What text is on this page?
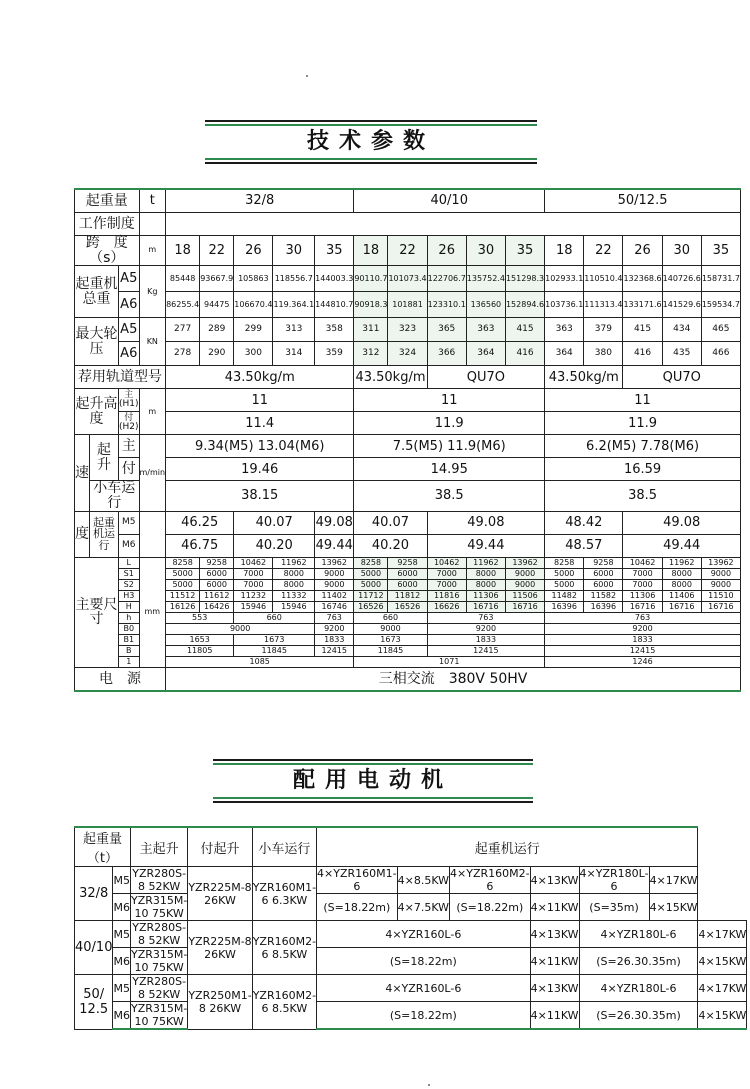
技术参数
起重量			t	32/8					40/10					50/12.5				
工作制度																		
跨　度（s）			m	18	22	26	30	35	18	22	26	30	35	18	22	26	30	35
起重机总重		A5	Kg	85448	93667.9	105863	118556.7	144003.3	90110.7	101073.4	122706.7	135752.4	151298.3	102933.1	110510.4	132368.6	140726.6	158731.7
		A6		86255.4	94475	106670.4	119.364.1	144810.7	90918.3	101881	123310.1	136560	152894.6	103736.1	111313.4	133171.6	141529.6	159534.7
最大轮压		A5	KN	277	289	299	313	358	311	323	365	363	415	363	379	415	434	465
		A6		278	290	300	314	359	312	324	366	364	416	364	380	416	435	466
荐用轨道型号				43.50kg/m					43.50kg/m		QU7O			43.50kg/m		QU7O		
起升高度		主(H1)	m	11					11					11				
		付(H2)		11.4					11.9					11.9				
速	起　升	主	m/min	9.34(M5) 13.04(M6)					7.5(M5) 11.9(M6)					6.2(M5) 7.78(M6)				
		付		19.46					14.95					16.59				
	小车运行			38.15					38.5					38.5				
度	起重机运行	M5		46.25		40.07		49.08	40.07		49.08			48.42		49.08		
		M6		46.75		40.20		49.44	40.20		49.44			48.57		49.44		
主要尺寸		L	mm	8258	9258	10462	11962	13962	8258	9258	10462	11962	13962	8258	9258	10462	11962	13962
		S1		5000	6000	7000	8000	9000	5000	6000	7000	8000	9000	5000	6000	7000	8000	9000
		S2		5000	6000	7000	8000	9000	5000	6000	7000	8000	9000	5000	6000	7000	8000	9000
		H3		11512	11612	11232	11332	11402	11712	11812	11816	11306	11506	11482	11582	11306	11406	11510
		H		16126	16426	15946	15946	16746	16526	16526	16626	16716	16716	16396	16396	16716	16716	16716
		h		553		660		763	660		763			763				
		B0		9000				9200	9000		9200			9200				
		B1		1653		1673		1833	1673		1833			1833				
		B		11805		11845		12415	11845		12415			12415				
		1		1085					1071					1246				
电　源				三相交流　380V 50HV														
配用电动机
起重量（t）		主起升	付起升	小车运行	起重机运行						
32/8	M5	YZR280S-8 52KW	YZR225M-8 26KW	YZR160M1-6 6.3KW	4×YZR160M1-6	4×8.5KW	4×YZR160M2-6	4×13KW	4×YZR180L-6	4×17KW	
	M6	YZR315M-10 75KW			(S=18.22m)	4×7.5KW	(S=18.22m)	4×11KW	(S=35m)	4×15KW	
40/10	M5	YZR280S-8 52KW	YZR225M-8 26KW	YZR160M2-6 8.5KW	4×YZR160L-6			4×13KW	4×YZR180L-6		4×17KW
	M6	YZR315M-10 75KW			(S=18.22m)			4×11KW	(S=26.30.35m)		4×15KW
50/
12.5	M5	YZR280S-8 52KW	YZR250M1-8 26KW	YZR160M2-6 8.5KW	4×YZR160L-6			4×13KW	4×YZR180L-6		4×17KW
	M6	YZR315M-10 75KW			(S=18.22m)			4×11KW	(S=26.30.35m)		4×15KW
